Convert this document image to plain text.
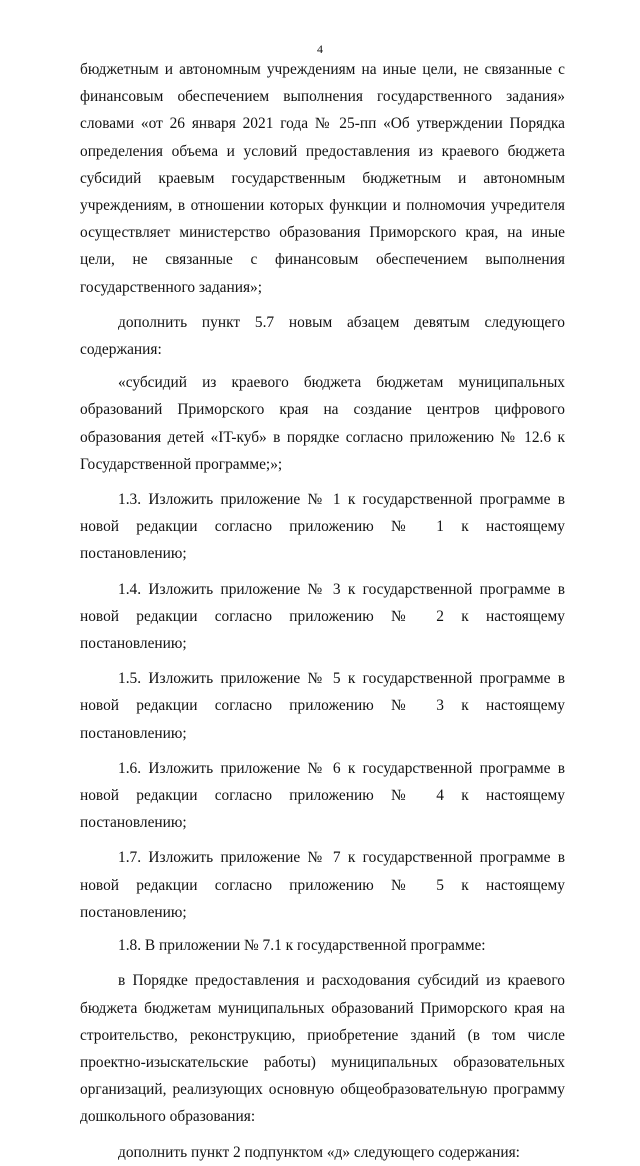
4

бюджетным и автономным учреждениям на иные цели, не связанные с финансовым обеспечением выполнения государственного задания» словами «от 26 января 2021 года № 25-пп «Об утверждении Порядка определения объема и условий предоставления из краевого бюджета субсидий краевым государственным бюджетным и автономным учреждениям, в отношении которых функции и полномочия учредителя осуществляет министерство образования Приморского края, на иные цели, не связанные с финансовым обеспечением выполнения государственного задания»;

дополнить пункт 5.7 новым абзацем девятым следующего содержания:

«субсидий из краевого бюджета бюджетам муниципальных образований Приморского края на создание центров цифрового образования детей «IT-куб» в порядке согласно приложению № 12.6 к Государственной программе;»;

1.3. Изложить приложение № 1 к государственной программе в новой редакции согласно приложению № 1 к настоящему постановлению;

1.4. Изложить приложение № 3 к государственной программе в новой редакции согласно приложению № 2 к настоящему постановлению;

1.5. Изложить приложение № 5 к государственной программе в новой редакции согласно приложению № 3 к настоящему постановлению;

1.6. Изложить приложение № 6 к государственной программе в новой редакции согласно приложению № 4 к настоящему постановлению;

1.7. Изложить приложение № 7 к государственной программе в новой редакции согласно приложению № 5 к настоящему постановлению;

1.8. В приложении № 7.1 к государственной программе:

в Порядке предоставления и расходования субсидий из краевого бюджета бюджетам муниципальных образований Приморского края на строительство, реконструкцию, приобретение зданий (в том числе проектно-изыскательские работы) муниципальных образовательных организаций, реализующих основную общеобразовательную программу дошкольного образования:

дополнить пункт 2 подпунктом «д» следующего содержания:
